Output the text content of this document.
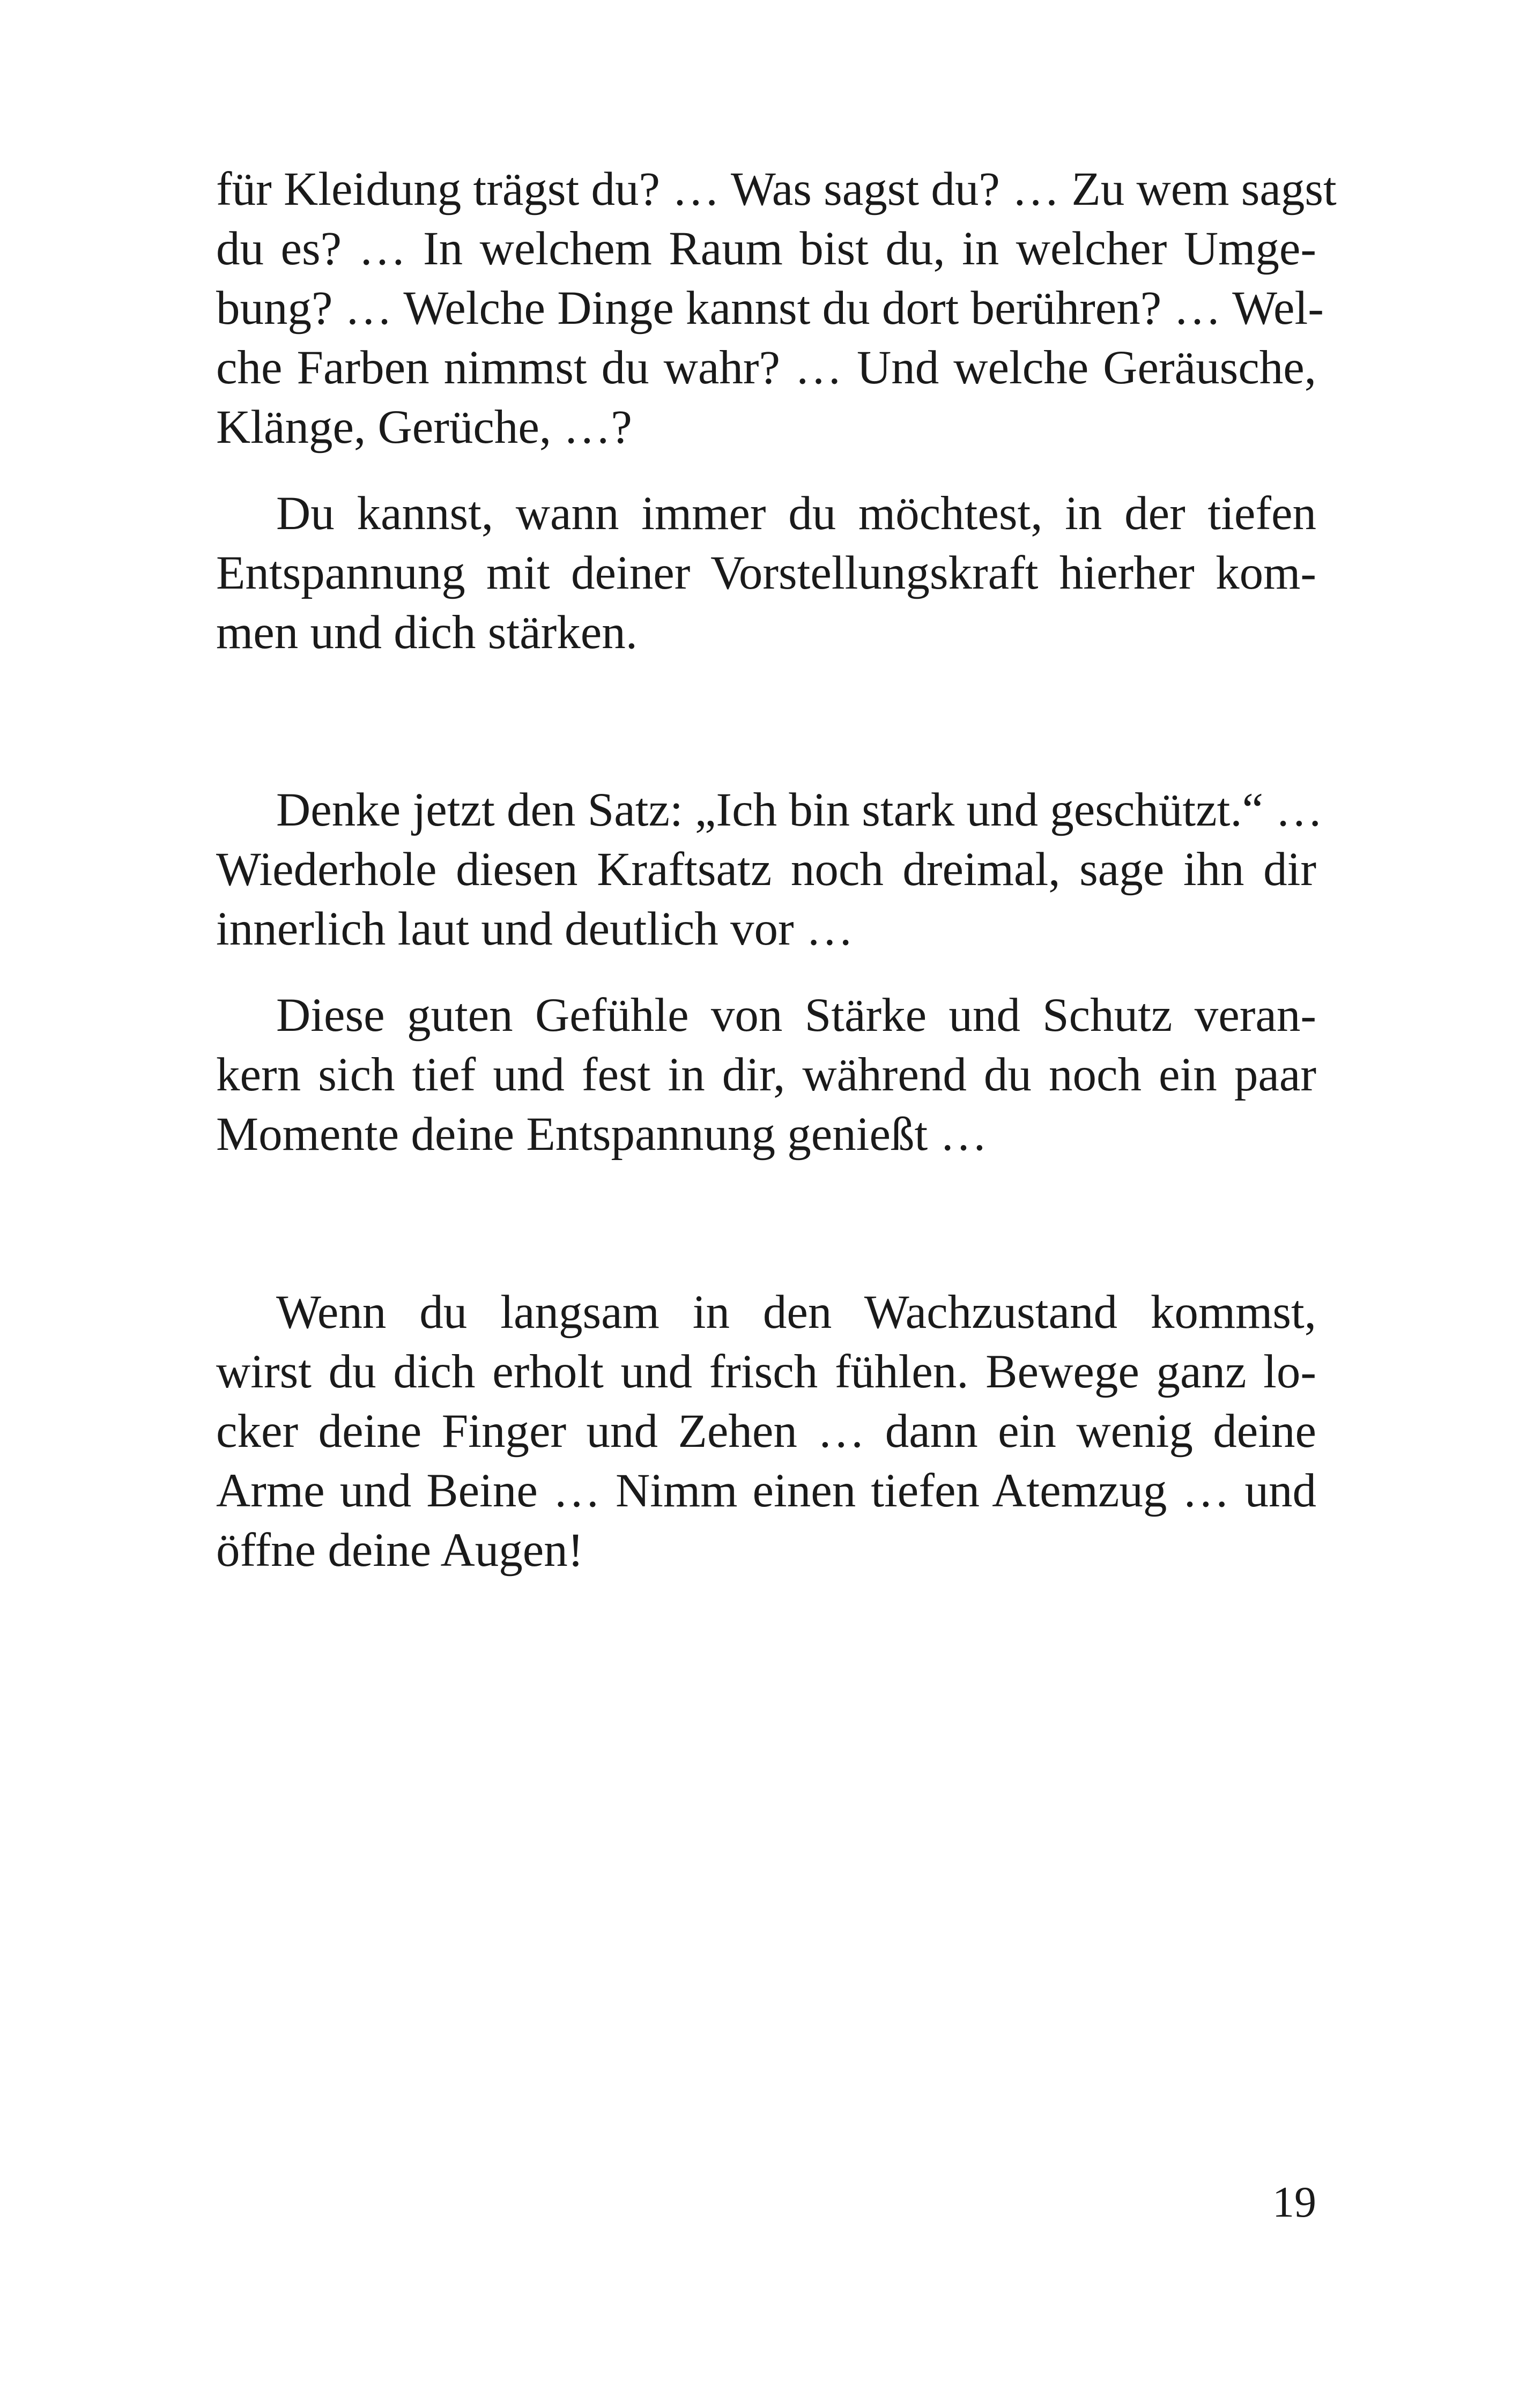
für Kleidung trägst du? … Was sagst du? … Zu wem sagst
du es? … In welchem Raum bist du, in welcher Umge-
bung? … Welche Dinge kannst du dort berühren? … Wel-
che Farben nimmst du wahr? … Und welche Geräusche,
Klänge, Gerüche, …?

Du kannst, wann immer du möchtest, in der tiefen
Entspannung mit deiner Vorstellungskraft hierher kom-
men und dich stärken.

Denke jetzt den Satz: „Ich bin stark und geschützt.“ …
Wiederhole diesen Kraftsatz noch dreimal, sage ihn dir
innerlich laut und deutlich vor …

Diese guten Gefühle von Stärke und Schutz veran-
kern sich tief und fest in dir, während du noch ein paar
Momente deine Entspannung genießt …

Wenn du langsam in den Wachzustand kommst,
wirst du dich erholt und frisch fühlen. Bewege ganz lo-
cker deine Finger und Zehen … dann ein wenig deine
Arme und Beine … Nimm einen tiefen Atemzug … und
öffne deine Augen!

19
